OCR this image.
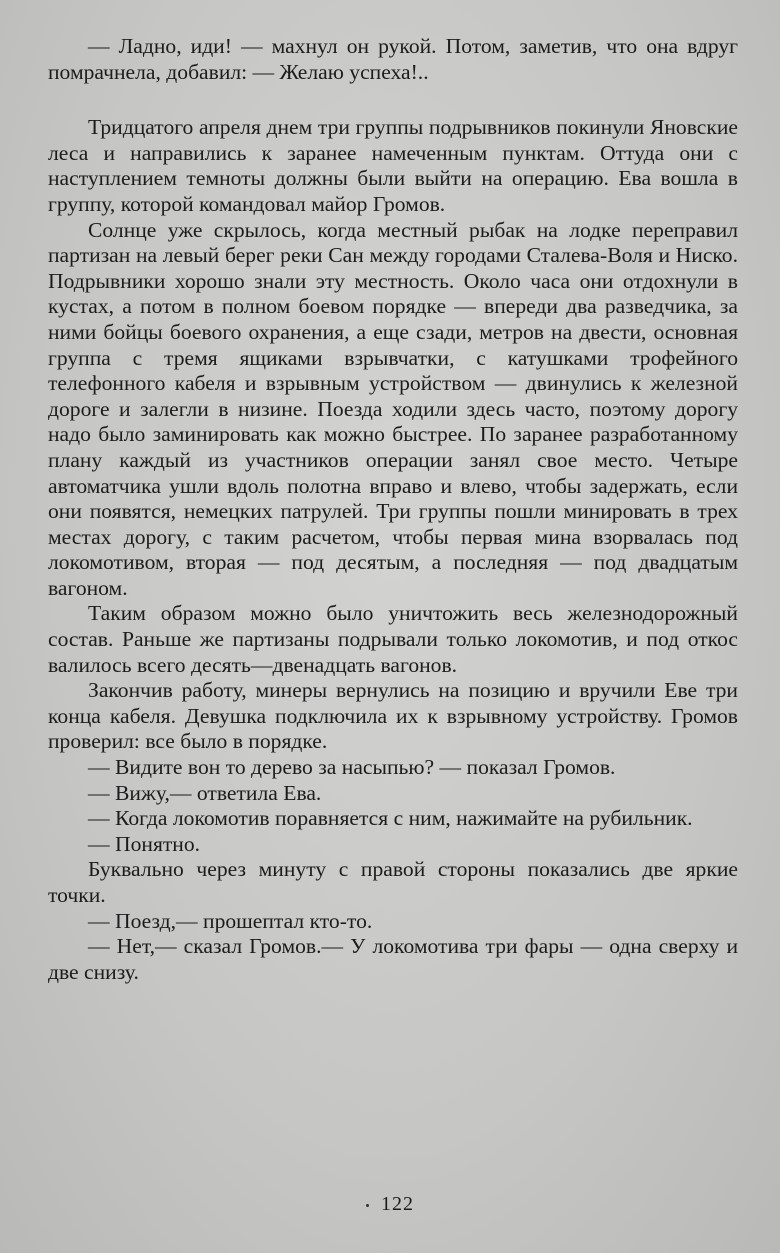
— Ладно, иди! — махнул он рукой. Потом, заметив, что она вдруг помрачнела, добавил: — Желаю успеха!..

Тридцатого апреля днем три группы подрывников покинули Яновские леса и направились к заранее намеченным пунктам. Оттуда они с наступлением темноты должны были выйти на операцию. Ева вошла в группу, которой командовал майор Громов.

Солнце уже скрылось, когда местный рыбак на лодке переправил партизан на левый берег реки Сан между городами Сталева-Воля и Ниско. Подрывники хорошо знали эту местность. Около часа они отдохнули в кустах, а потом в полном боевом порядке — впереди два разведчика, за ними бойцы боевого охранения, а еще сзади, метров на двести, основная группа с тремя ящиками взрывчатки, с катушками трофейного телефонного кабеля и взрывным устройством — двинулись к железной дороге и залегли в низине. Поезда ходили здесь часто, поэтому дорогу надо было заминировать как можно быстрее. По заранее разработанному плану каждый из участников операции занял свое место. Четыре автоматчика ушли вдоль полотна вправо и влево, чтобы задержать, если они появятся, немецких патрулей. Три группы пошли минировать в трех местах дорогу, с таким расчетом, чтобы первая мина взорвалась под локомотивом, вторая — под десятым, а последняя — под двадцатым вагоном.

Таким образом можно было уничтожить весь железнодорожный состав. Раньше же партизаны подрывали только локомотив, и под откос валилось всего десять—двенадцать вагонов.

Закончив работу, минеры вернулись на позицию и вручили Еве три конца кабеля. Девушка подключила их к взрывному устройству. Громов проверил: все было в порядке.

— Видите вон то дерево за насыпью? — показал Громов.

— Вижу,— ответила Ева.

— Когда локомотив поравняется с ним, нажимайте на рубильник.

— Понятно.

Буквально через минуту с правой стороны показались две яркие точки.

— Поезд,— прошептал кто-то.

— Нет,— сказал Громов.— У локомотива три фары — одна сверху и две снизу.

122
